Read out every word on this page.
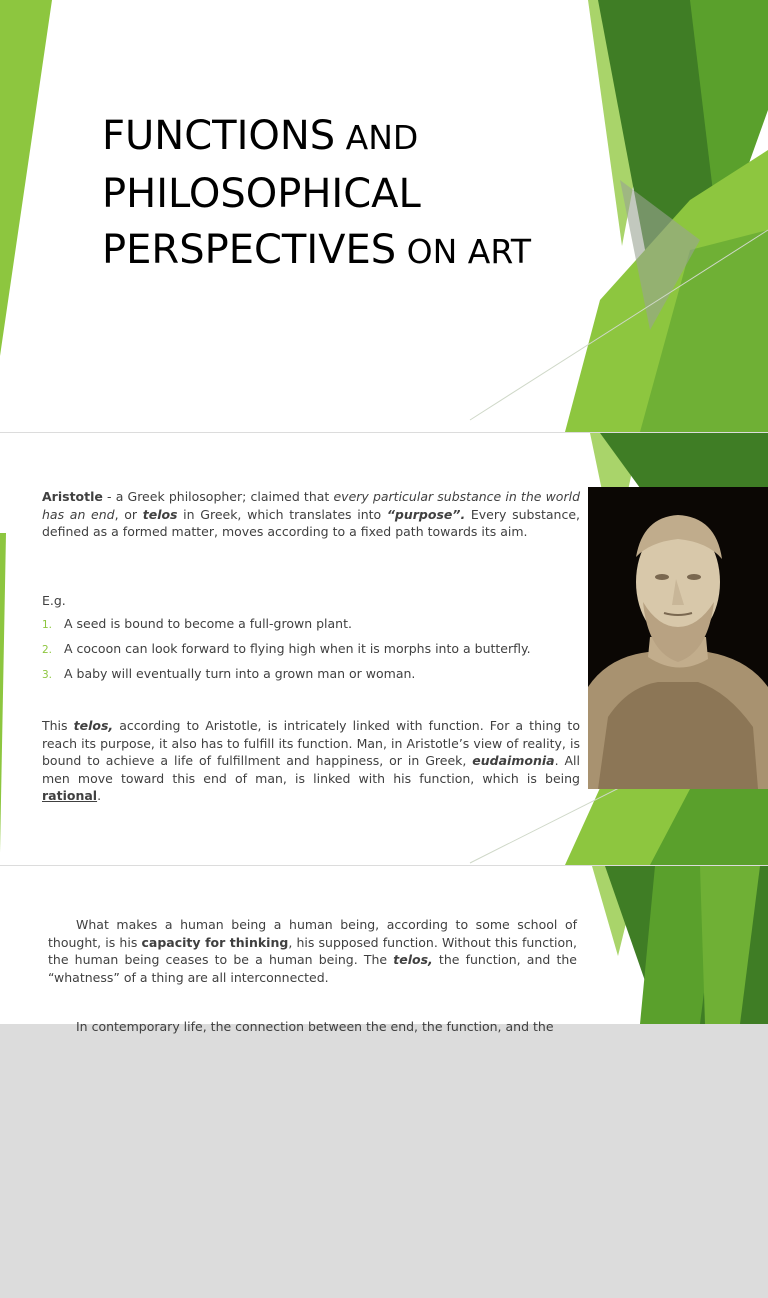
FUNCTIONS AND
PHILOSOPHICAL
PERSPECTIVES ON ART
Aristotle - a Greek philosopher; claimed that every particular substance in the world has an end, or telos in Greek, which translates into “purpose”. Every substance, defined as a formed matter, moves according to a fixed path towards its aim.
E.g.
1. A seed is bound to become a full-grown plant.
2. A cocoon can look forward to flying high when it is morphs into a butterfly.
3. A baby will eventually turn into a grown man or woman.
This telos, according to Aristotle, is intricately linked with function. For a thing to reach its purpose, it also has to fulfill its function. Man, in Aristotle’s view of reality, is bound to achieve a life of fulfillment and happiness, or in Greek, eudaimonia. All men move toward this end of man, is linked with his function, which is being rational.
What makes a human being a human being, according to some school of thought, is his capacity for thinking, his supposed function. Without this function, the human being ceases to be a human being. The telos, the function, and the “whatness” of a thing are all interconnected.
In contemporary life, the connection between the end, the function, and the
